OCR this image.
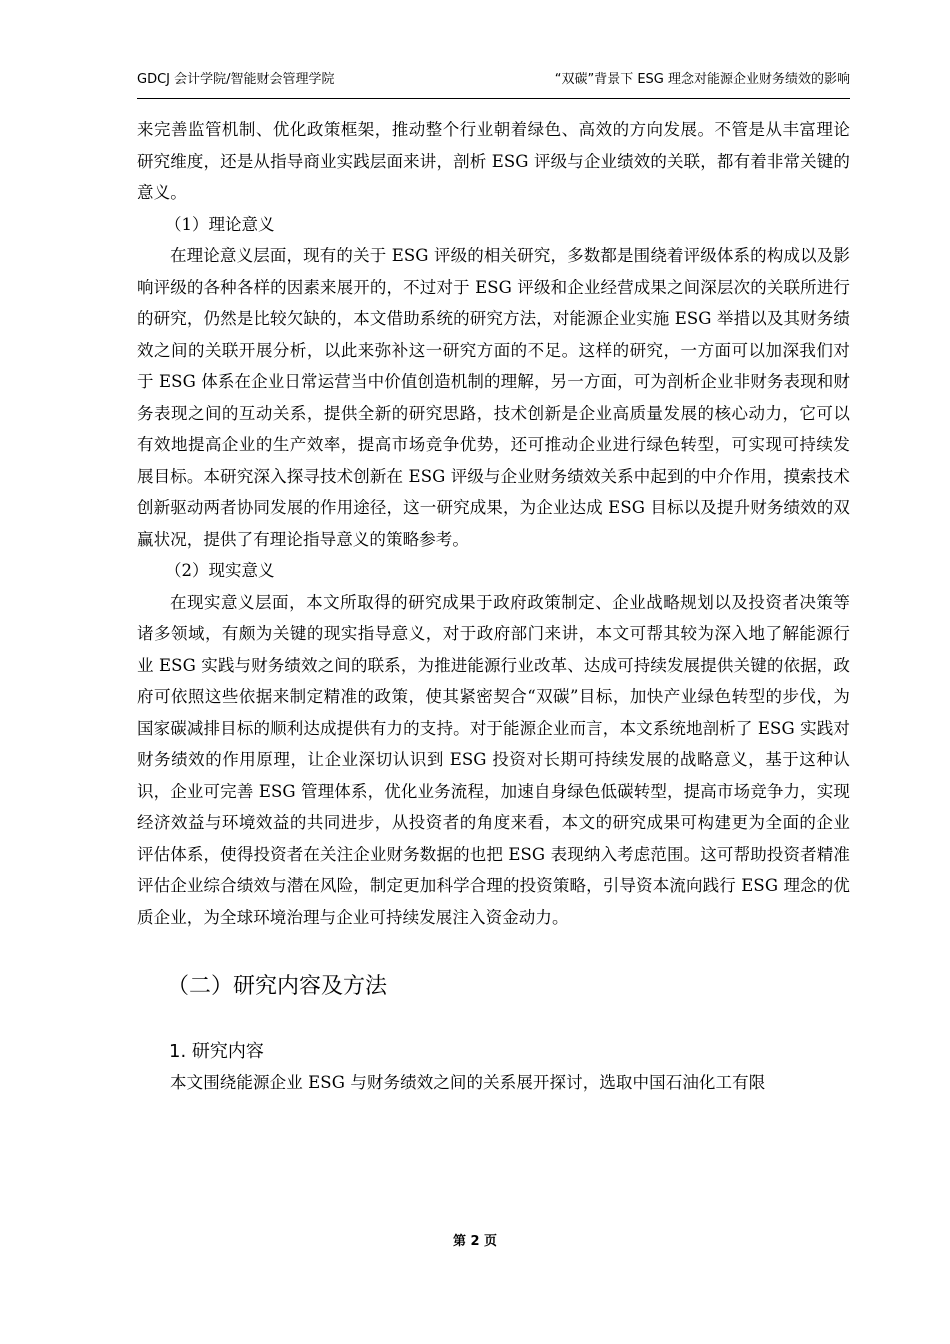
GDCJ 会计学院/智能财会管理学院	“双碳”背景下 ESG 理念对能源企业财务绩效的影响

来完善监管机制、优化政策框架，推动整个行业朝着绿色、高效的方向发展。不管是从丰富理论研究维度，还是从指导商业实践层面来讲，剖析 ESG 评级与企业绩效的关联，都有着非常关键的意义。

（1）理论意义

在理论意义层面，现有的关于 ESG 评级的相关研究，多数都是围绕着评级体系的构成以及影响评级的各种各样的因素来展开的，不过对于 ESG 评级和企业经营成果之间深层次的关联所进行的研究，仍然是比较欠缺的，本文借助系统的研究方法，对能源企业实施 ESG 举措以及其财务绩效之间的关联开展分析，以此来弥补这一研究方面的不足。这样的研究，一方面可以加深我们对于 ESG 体系在企业日常运营当中价值创造机制的理解，另一方面，可为剖析企业非财务表现和财务表现之间的互动关系，提供全新的研究思路，技术创新是企业高质量发展的核心动力，它可以有效地提高企业的生产效率，提高市场竞争优势，还可推动企业进行绿色转型，可实现可持续发展目标。本研究深入探寻技术创新在 ESG 评级与企业财务绩效关系中起到的中介作用，摸索技术创新驱动两者协同发展的作用途径，这一研究成果，为企业达成 ESG 目标以及提升财务绩效的双赢状况，提供了有理论指导意义的策略参考。

（2）现实意义

在现实意义层面，本文所取得的研究成果于政府政策制定、企业战略规划以及投资者决策等诸多领域，有颇为关键的现实指导意义，对于政府部门来讲，本文可帮其较为深入地了解能源行业 ESG 实践与财务绩效之间的联系，为推进能源行业改革、达成可持续发展提供关键的依据，政府可依照这些依据来制定精准的政策，使其紧密契合“双碳”目标，加快产业绿色转型的步伐，为国家碳减排目标的顺利达成提供有力的支持。对于能源企业而言，本文系统地剖析了 ESG 实践对财务绩效的作用原理，让企业深切认识到 ESG 投资对长期可持续发展的战略意义，基于这种认识，企业可完善 ESG 管理体系，优化业务流程，加速自身绿色低碳转型，提高市场竞争力，实现经济效益与环境效益的共同进步，从投资者的角度来看，本文的研究成果可构建更为全面的企业评估体系，使得投资者在关注企业财务数据的也把 ESG 表现纳入考虑范围。这可帮助投资者精准评估企业综合绩效与潜在风险，制定更加科学合理的投资策略，引导资本流向践行 ESG 理念的优质企业，为全球环境治理与企业可持续发展注入资金动力。

（二）研究内容及方法
1. 研究内容

本文围绕能源企业 ESG 与财务绩效之间的关系展开探讨，选取中国石油化工有限

第 2 页
